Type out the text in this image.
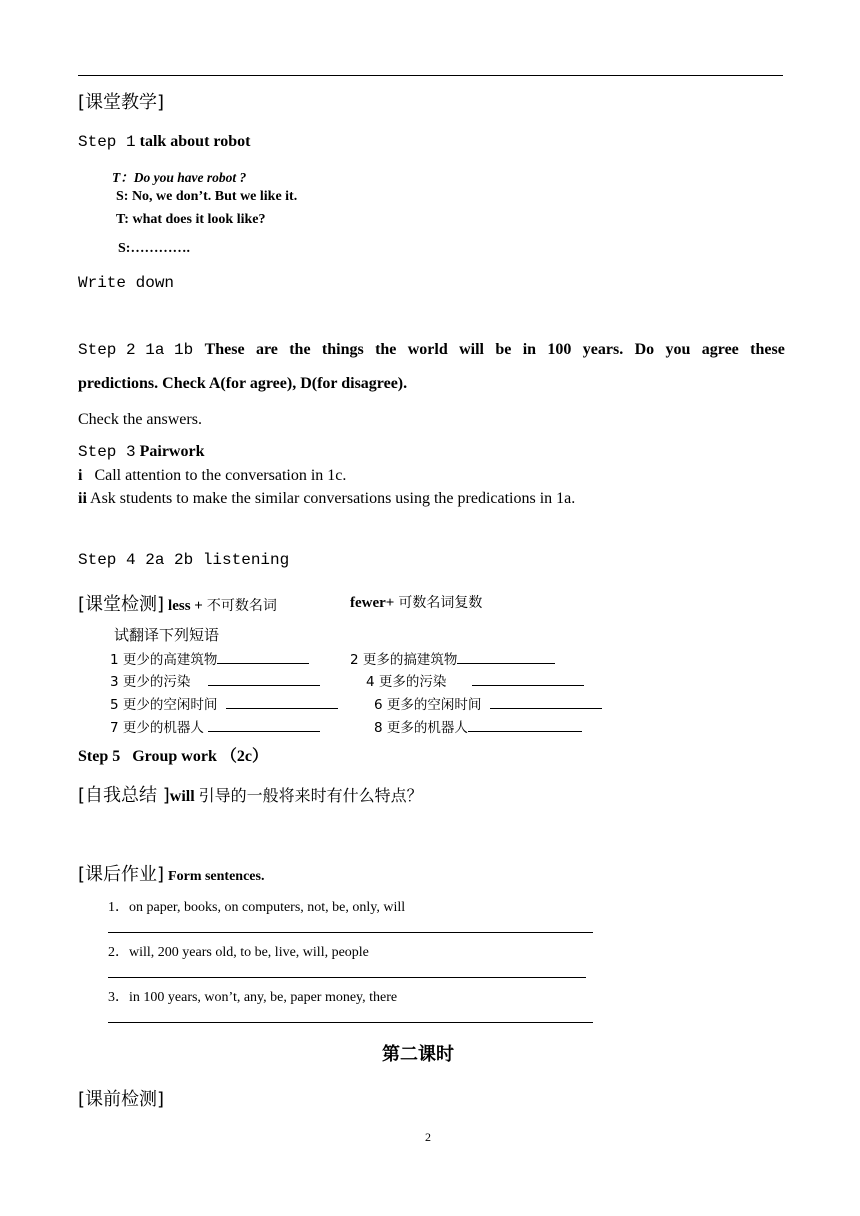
[课堂教学]
Step 1 talk about robot
T：Do you have robot ?
S: No, we don’t. But we like it.
T: what does it look like?
S:………….
Write down
Step 2 1a 1b These are the things the world will be in 100 years. Do you agree these
predictions. Check A(for agree), D(for disagree).
Check the answers.
Step 3 Pairwork
i Call attention to the conversation in 1c.
ii Ask students to make the similar conversations using the predications in 1a.
Step 4 2a 2b listening
[课堂检测] less + 不可数名词	fewer+ 可数名词复数
试翻译下列短语
1 更少的高建筑物	2 更多的搞建筑物
3 更少的污染	4 更多的污染
5 更少的空闲时间	6 更多的空闲时间
7 更少的机器人	8 更多的机器人
Step 5 Group work （2c）
[自我总结 ]will 引导的一般将来时有什么特点？
[课后作业] Form sentences.
1．on paper, books, on computers, not, be, only, will
2．will, 200 years old, to be, live, will, people
3．in 100 years, won’t, any, be, paper money, there
第二课时
[课前检测]
2
